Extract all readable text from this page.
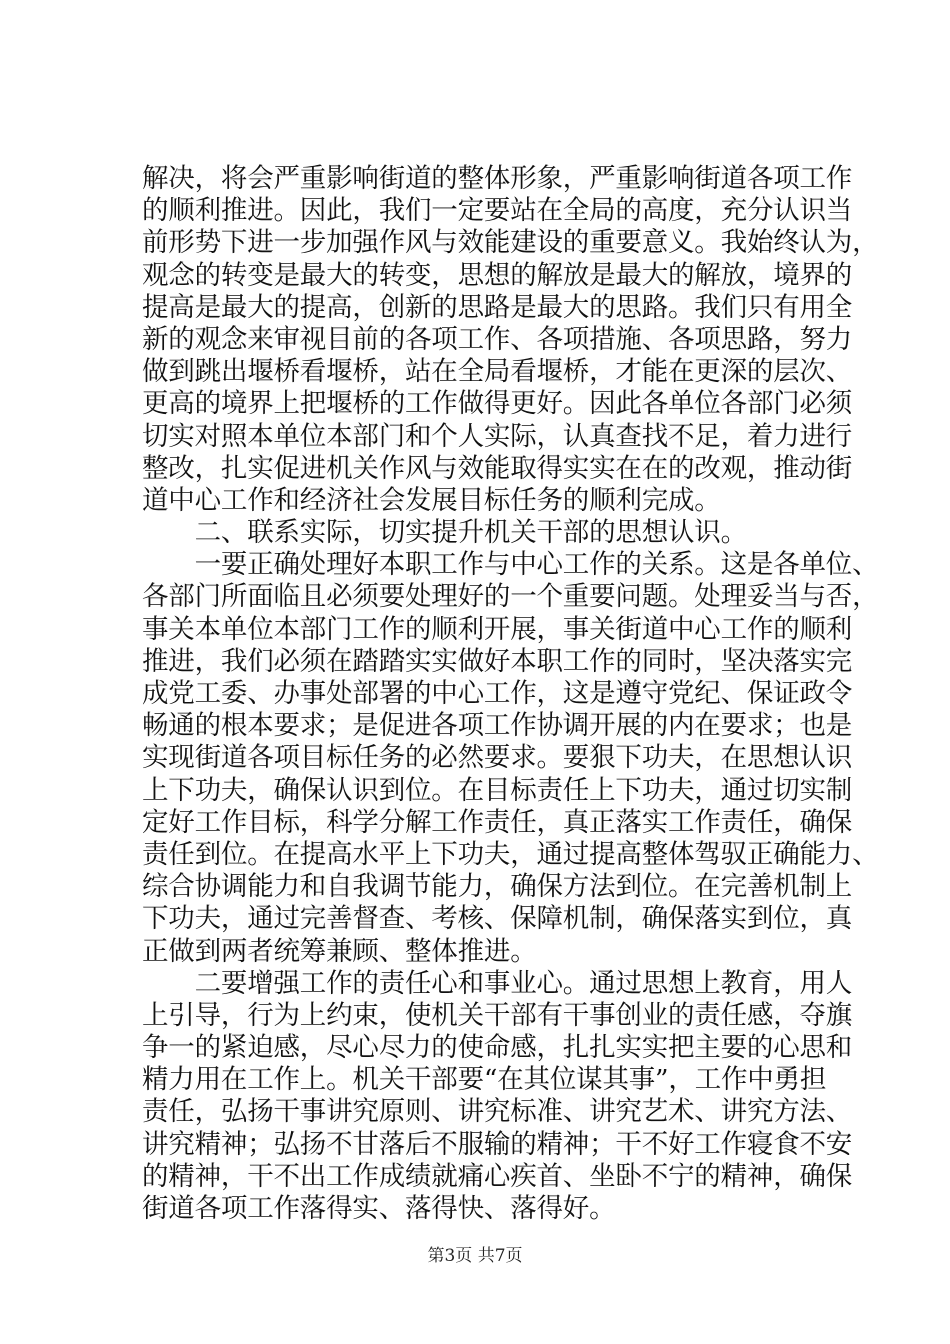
解决，将会严重影响街道的整体形象，严重影响街道各项工作
的顺利推进。因此，我们一定要站在全局的高度，充分认识当
前形势下进一步加强作风与效能建设的重要意义。我始终认为，
观念的转变是最大的转变，思想的解放是最大的解放，境界的
提高是最大的提高，创新的思路是最大的思路。我们只有用全
新的观念来审视目前的各项工作、各项措施、各项思路，努力
做到跳出堰桥看堰桥，站在全局看堰桥，才能在更深的层次、
更高的境界上把堰桥的工作做得更好。因此各单位各部门必须
切实对照本单位本部门和个人实际，认真查找不足，着力进行
整改，扎实促进机关作风与效能取得实实在在的改观，推动街
道中心工作和经济社会发展目标任务的顺利完成。
　　二、联系实际，切实提升机关干部的思想认识。
　　一要正确处理好本职工作与中心工作的关系。这是各单位、
各部门所面临且必须要处理好的一个重要问题。处理妥当与否，
事关本单位本部门工作的顺利开展，事关街道中心工作的顺利
推进，我们必须在踏踏实实做好本职工作的同时，坚决落实完
成党工委、办事处部署的中心工作，这是遵守党纪、保证政令
畅通的根本要求；是促进各项工作协调开展的内在要求；也是
实现街道各项目标任务的必然要求。要狠下功夫，在思想认识
上下功夫，确保认识到位。在目标责任上下功夫，通过切实制
定好工作目标，科学分解工作责任，真正落实工作责任，确保
责任到位。在提高水平上下功夫，通过提高整体驾驭正确能力、
综合协调能力和自我调节能力，确保方法到位。在完善机制上
下功夫，通过完善督查、考核、保障机制，确保落实到位，真
正做到两者统筹兼顾、整体推进。
　　二要增强工作的责任心和事业心。通过思想上教育，用人
上引导，行为上约束，使机关干部有干事创业的责任感，夺旗
争一的紧迫感，尽心尽力的使命感，扎扎实实把主要的心思和
精力用在工作上。机关干部要“在其位谋其事”，工作中勇担
责任，弘扬干事讲究原则、讲究标准、讲究艺术、讲究方法、
讲究精神；弘扬不甘落后不服输的精神；干不好工作寝食不安
的精神，干不出工作成绩就痛心疾首、坐卧不宁的精神，确保
街道各项工作落得实、落得快、落得好。
第3页 共7页
